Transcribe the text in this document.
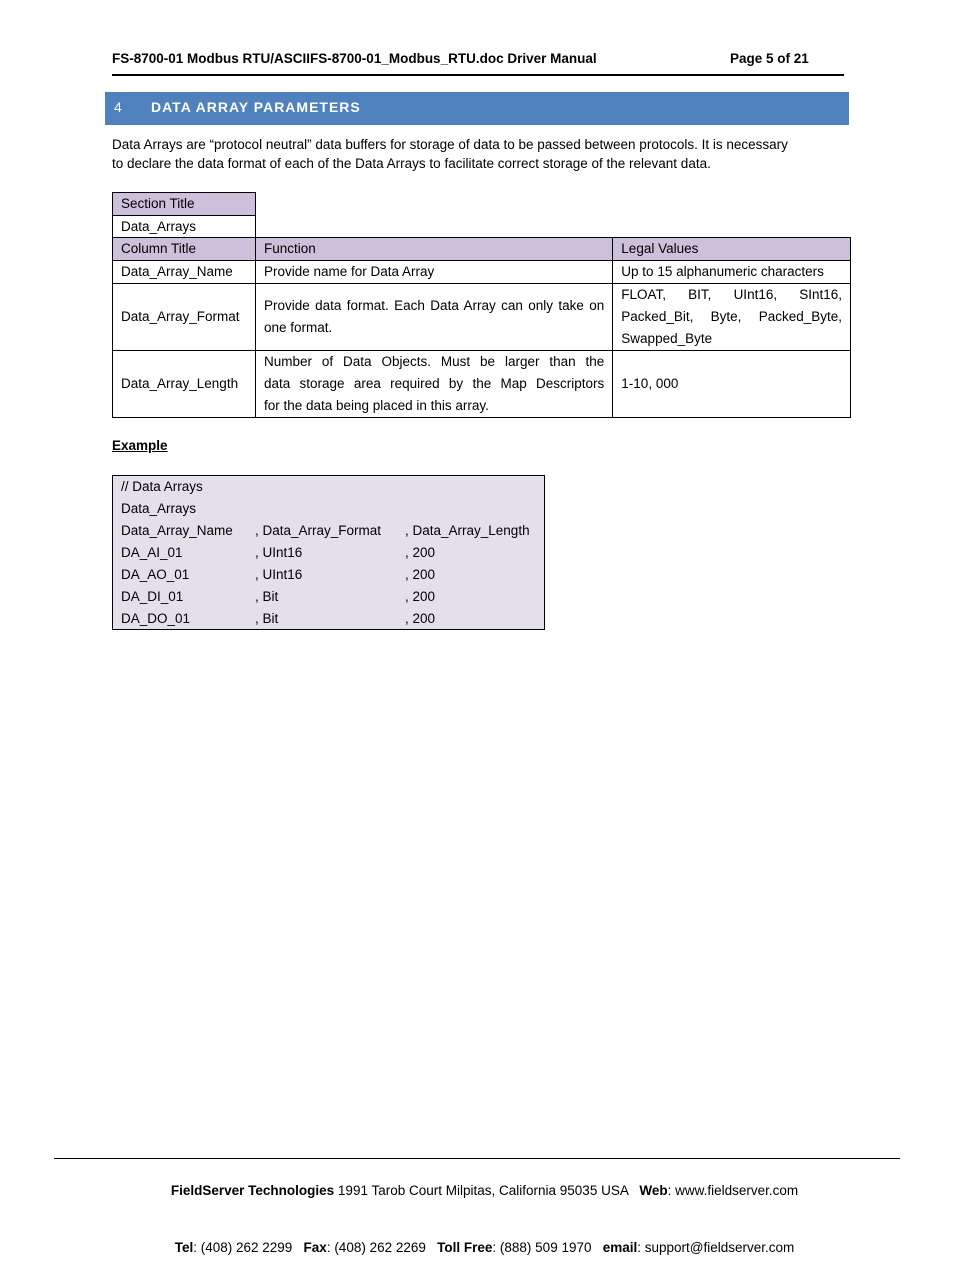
FS-8700-01 Modbus RTU/ASCIIFS-8700-01_Modbus_RTU.doc Driver Manual	Page 5 of 21
4 DATA ARRAY PARAMETERS
Data Arrays are “protocol neutral” data buffers for storage of data to be passed between protocols. It is necessary
to declare the data format of each of the Data Arrays to facilitate correct storage of the relevant data.
Section Title
Data_Arrays
Column Title	Function	Legal Values
Data_Array_Name	Provide name for Data Array	Up to 15 alphanumeric characters
Data_Array_Format	Provide data format. Each Data Array can only take on one format.	FLOAT, BIT, UInt16, SInt16,
Packed_Bit, Byte, Packed_Byte,
Swapped_Byte

Data_Array_Length	Number of Data Objects. Must be larger than the
data storage area required by the Map Descriptors
for the data being placed in this array.	1-10, 000
Example
// Data Arrays
Data_Arrays
Data_Array_Name , Data_Array_Format , Data_Array_Length
DA_AI_01	, UInt16	, 200
DA_AO_01	, UInt16	, 200
DA_DI_01	, Bit	, 200
DA_DO_01	, Bit	, 200

FieldServer Technologies 1991 Tarob Court Milpitas, California 95035 USA   Web: www.fieldserver.com

Tel: (408) 262 2299   Fax: (408) 262 2269   Toll Free: (888) 509 1970   email: support@fieldserver.com
